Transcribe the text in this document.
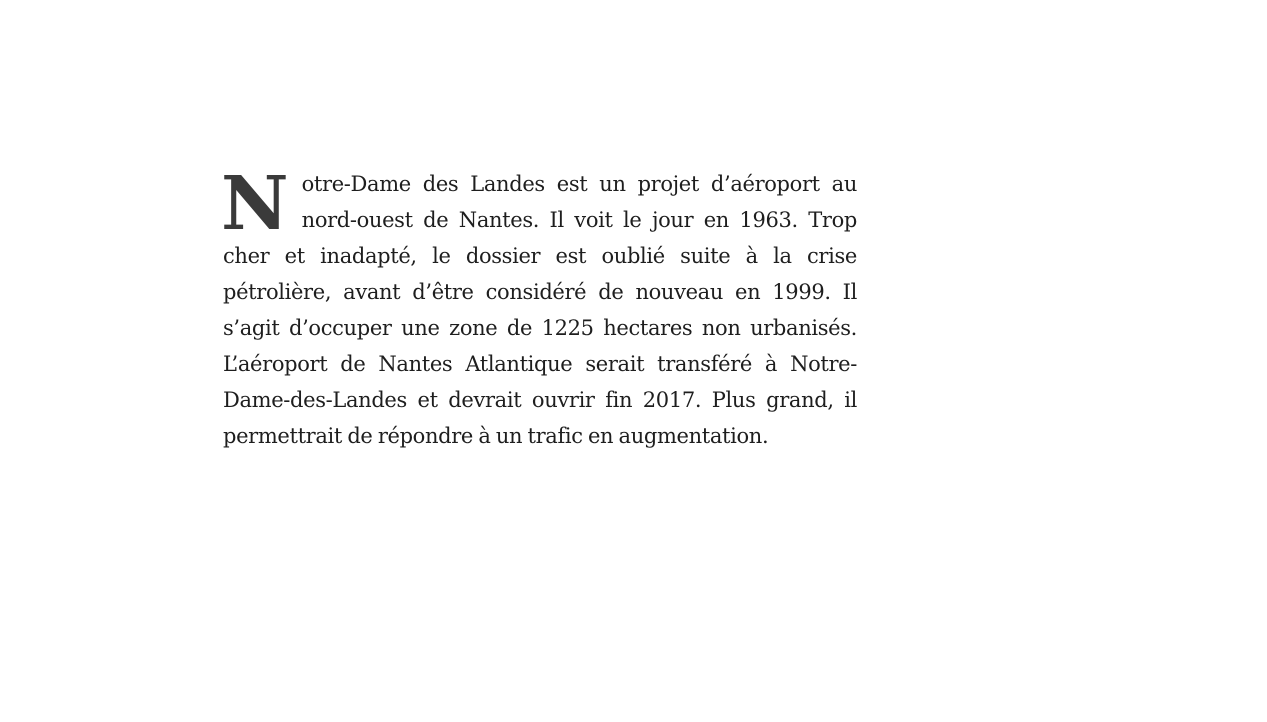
Notre-Dame des Landes est un projet d’aéroport au nord-ouest de Nantes. Il voit le jour en 1963. Trop cher et inadapté, le dossier est oublié suite à la crise pétrolière, avant d’être considéré de nouveau en 1999. Il s’agit d’occuper une zone de 1225 hectares non urbanisés. L’aéroport de Nantes Atlantique serait transféré à Notre-Dame-des-Landes et devrait ouvrir fin 2017. Plus grand, il permettrait de répondre à un trafic en augmentation.
